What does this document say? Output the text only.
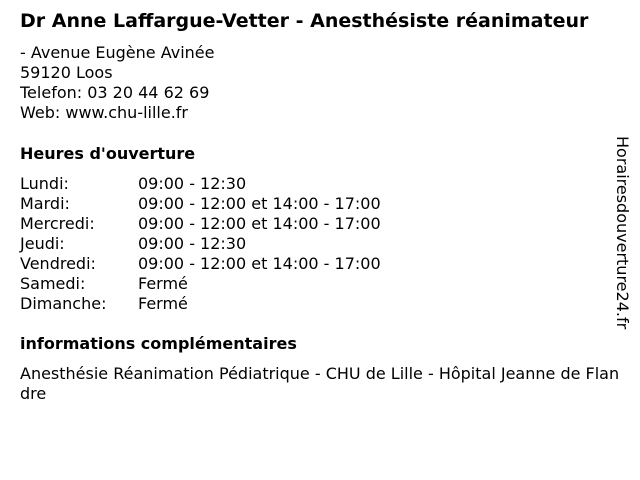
Dr Anne Laffargue-Vetter - Anesthésiste réanimateur
- Avenue Eugène Avinée
59120 Loos
Telefon: 03 20 44 62 69
Web: www.chu-lille.fr
Heures d'ouverture
Lundi:	09:00 - 12:30
Mardi:	09:00 - 12:00 et 14:00 - 17:00
Mercredi:	09:00 - 12:00 et 14:00 - 17:00
Jeudi:	09:00 - 12:30
Vendredi:	09:00 - 12:00 et 14:00 - 17:00
Samedi:	Fermé
Dimanche: Fermé
informations complémentaires
Anesthésie Réanimation Pédiatrique - CHU de Lille - Hôpital Jeanne de Flandre
Horairesdouverture24.fr
